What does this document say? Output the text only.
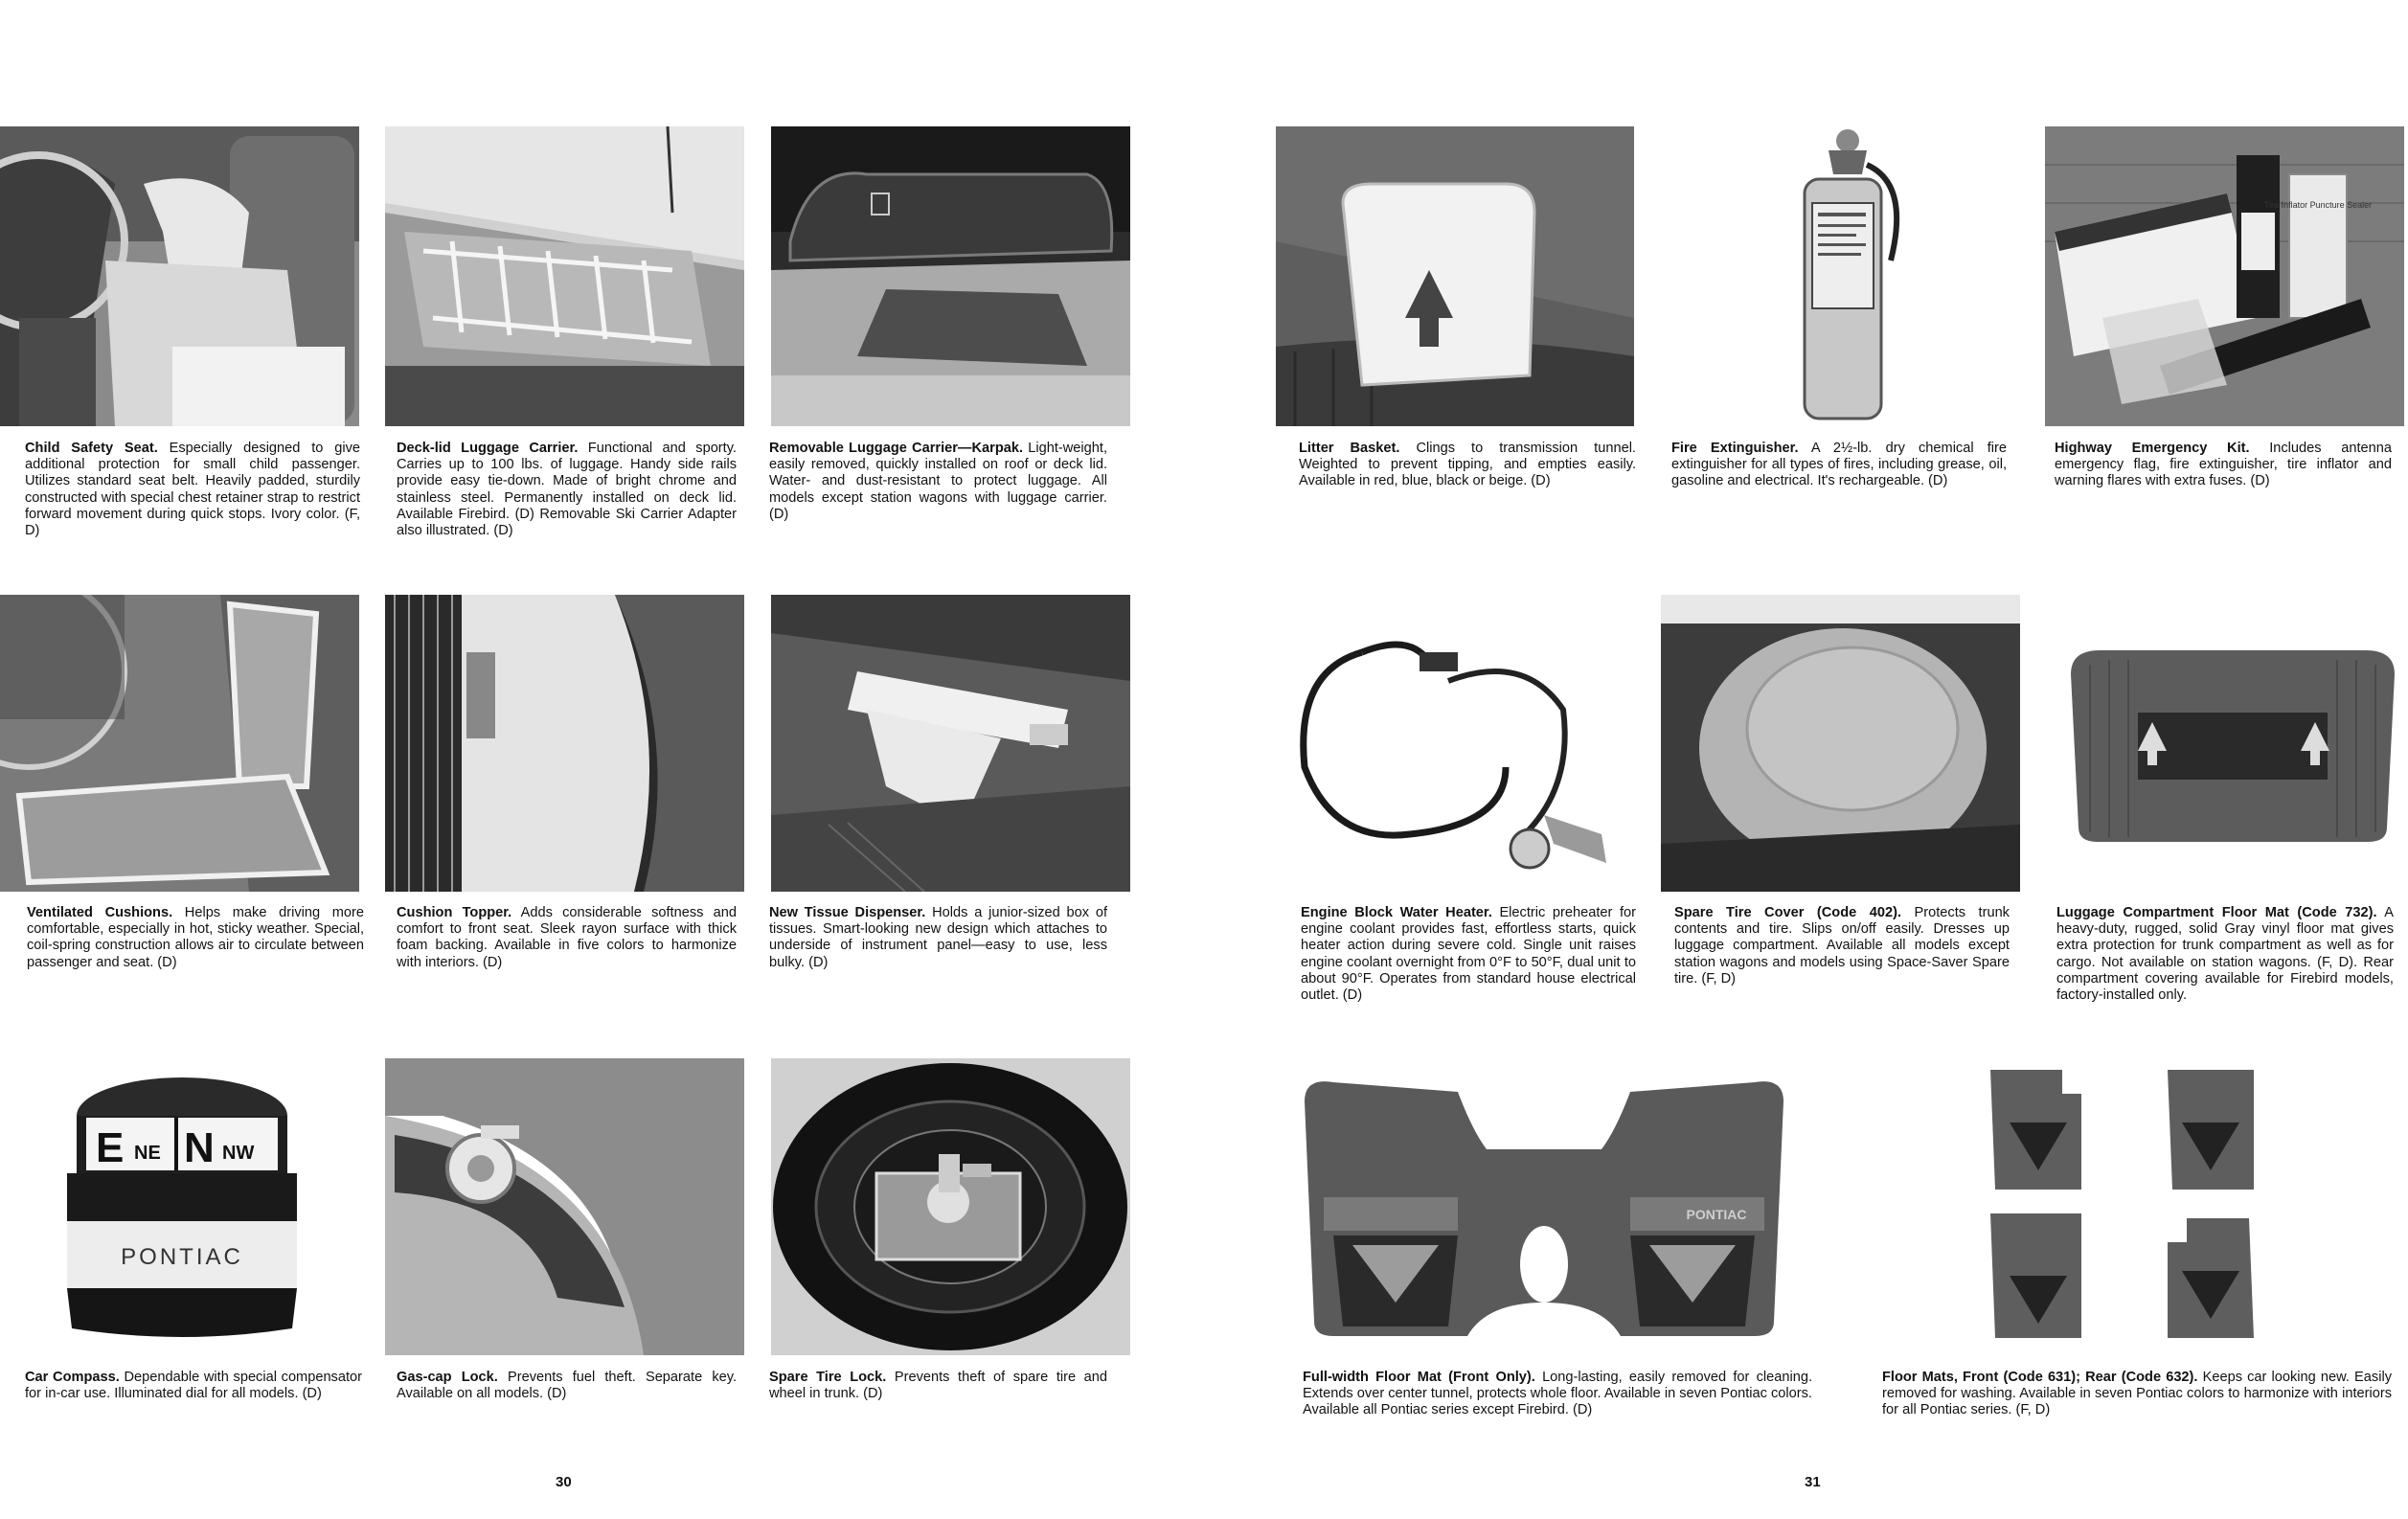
Child Safety Seat. Especially designed to give additional protection for small child passenger. Utilizes standard seat belt. Heavily padded, sturdily constructed with special chest retainer strap to restrict forward movement during quick stops. Ivory color. (F, D)
Deck-lid Luggage Carrier. Functional and sporty. Carries up to 100 lbs. of luggage. Handy side rails provide easy tie-down. Made of bright chrome and stainless steel. Permanently installed on deck lid. Available Firebird. (D) Removable Ski Carrier Adapter also illustrated. (D)
Removable Luggage Carrier—Karpak. Light-weight, easily removed, quickly installed on roof or deck lid. Water- and dust-resistant to protect luggage. All models except station wagons with luggage carrier. (D)
Ventilated Cushions. Helps make driving more comfortable, especially in hot, sticky weather. Special, coil-spring construction allows air to circulate between passenger and seat. (D)
Cushion Topper. Adds considerable softness and comfort to front seat. Sleek rayon surface with thick foam backing. Available in five colors to harmonize with interiors. (D)
New Tissue Dispenser. Holds a junior-sized box of tissues. Smart-looking new design which attaches to underside of instrument panel—easy to use, less bulky. (D)
E NE N NW
PONTIAC
Car Compass. Dependable with special compensator for in-car use. Illuminated dial for all models. (D)
Gas-cap Lock. Prevents fuel theft. Separate key. Available on all models. (D)
Spare Tire Lock. Prevents theft of spare tire and wheel in trunk. (D)
30
Tire Inflator Puncture Sealer
Litter Basket. Clings to transmission tunnel. Weighted to prevent tipping, and empties easily. Available in red, blue, black or beige. (D)
Fire Extinguisher. A 2½-lb. dry chemical fire extinguisher for all types of fires, including grease, oil, gasoline and electrical. It's rechargeable. (D)
Highway Emergency Kit. Includes antenna emergency flag, fire extinguisher, tire inflator and warning flares with extra fuses. (D)
Engine Block Water Heater. Electric preheater for engine coolant provides fast, effortless starts, quick heater action during severe cold. Single unit raises engine coolant overnight from 0°F to 50°F, dual unit to about 90°F. Operates from standard house electrical outlet. (D)
Spare Tire Cover (Code 402). Protects trunk contents and tire. Slips on/off easily. Dresses up luggage compartment. Available all models except station wagons and models using Space-Saver Spare tire. (F, D)
Luggage Compartment Floor Mat (Code 732). A heavy-duty, rugged, solid Gray vinyl floor mat gives extra protection for trunk compartment as well as for cargo. Not available on station wagons. (F, D). Rear compartment covering available for Firebird models, factory-installed only.
PONTIAC
Full-width Floor Mat (Front Only). Long-lasting, easily removed for cleaning. Extends over center tunnel, protects whole floor. Available in seven Pontiac colors. Available all Pontiac series except Firebird. (D)
Floor Mats, Front (Code 631); Rear (Code 632). Keeps car looking new. Easily removed for washing. Available in seven Pontiac colors to harmonize with interiors for all Pontiac series. (F, D)
31
